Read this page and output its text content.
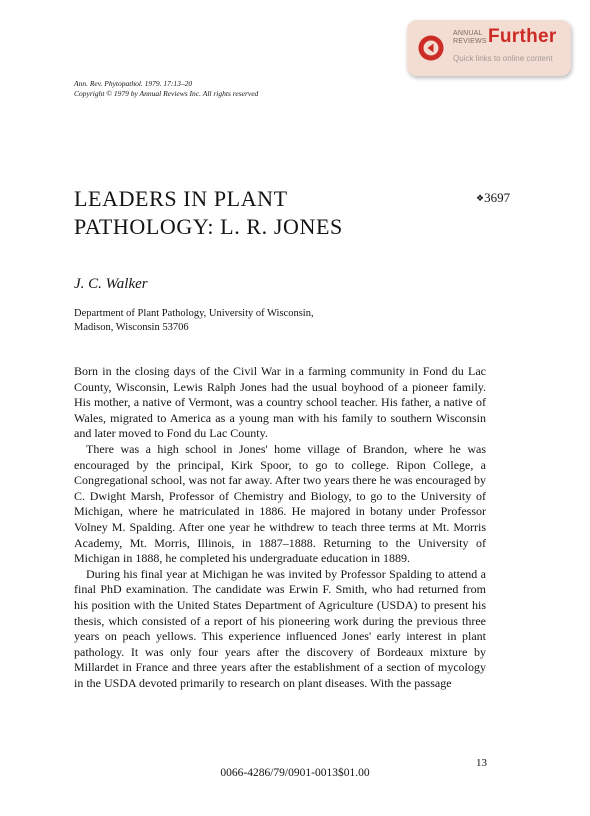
ANNUAL
REVIEWS Further
Quick links to online content
Ann. Rev. Phytopathol. 1979. 17:13–20
Copyright © 1979 by Annual Reviews Inc. All rights reserved
LEADERS IN PLANT
PATHOLOGY: L. R. JONES
❖3697
J. C. Walker
Department of Plant Pathology, University of Wisconsin,
Madison, Wisconsin 53706
Born in the closing days of the Civil War in a farming community in Fond du Lac County, Wisconsin, Lewis Ralph Jones had the usual boyhood of a pioneer family. His mother, a native of Vermont, was a country school teacher. His father, a native of Wales, migrated to America as a young man with his family to southern Wisconsin and later moved to Fond du Lac County.
There was a high school in Jones' home village of Brandon, where he was encouraged by the principal, Kirk Spoor, to go to college. Ripon College, a Congregational school, was not far away. After two years there he was encouraged by C. Dwight Marsh, Professor of Chemistry and Biology, to go to the University of Michigan, where he matriculated in 1886. He majored in botany under Professor Volney M. Spalding. After one year he withdrew to teach three terms at Mt. Morris Academy, Mt. Morris, Illinois, in 1887–1888. Returning to the University of Michigan in 1888, he completed his undergraduate education in 1889.
During his final year at Michigan he was invited by Professor Spalding to attend a final PhD examination. The candidate was Erwin F. Smith, who had returned from his position with the United States Department of Agriculture (USDA) to present his thesis, which consisted of a report of his pioneering work during the previous three years on peach yellows. This experience influenced Jones' early interest in plant pathology. It was only four years after the discovery of Bordeaux mixture by Millardet in France and three years after the establishment of a section of mycology in the USDA devoted primarily to research on plant diseases. With the passage
13
0066-4286/79/0901-0013$01.00
